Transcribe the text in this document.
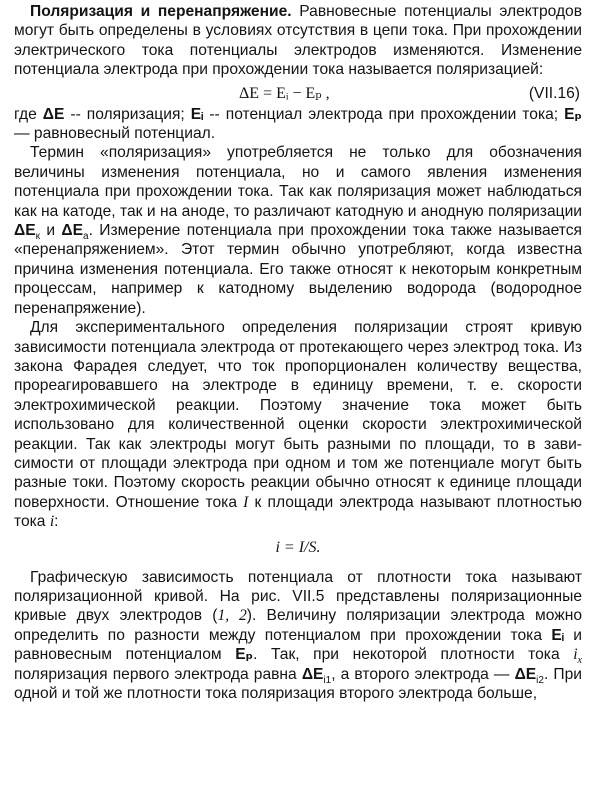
Поляризация и перенапряжение. Равновесные потенциалы электродов могут быть определены в условиях отсутствия в цепи тока. При прохождении электрического тока потенциалы электродов изменяются. Изменение потенциала электрода при прохождении тока называется поляризацией:

ΔE = Eᵢ − Eₚ ,	(VII.16)

где ΔE -- поляризация; Eᵢ -- потенциал электрода при прохождении тока; Eₚ — равновесный потенциал.

Термин «поляризация» употребляется не только для обозначения величины изменения потенциала, но и самого явления изменения потенциала при прохождении тока. Так как поляризация может наблюдаться как на катоде, так и на аноде, то различают катодную и анодную поляризации $\Delta E_к$ и $\Delta E_а$. Измерение потенциала при прохождении тока также называется «перенапряжением». Этот термин обычно употребляют, когда известна причина изменения потенциала. Его также относят к некоторым конкретным процессам, например к катодному выделению водорода (водородное перенапряжение).

Для экспериментального определения поляризации строят кривую зависимости потенциала электрода от протекающего через электрод тока. Из закона Фарадея следует, что ток пропорционален количеству вещества, прореагировавшего на электроде в единицу времени, т. е. скорости электрохимической реакции. Поэтому значение тока может быть использовано для количественной оценки скорости электрохимической реакции. Так как электроды могут быть разными по площади, то в зависимости от площади электрода при одном и том же потенциале могут быть разные токи. Поэтому скорость реакции обычно относят к единице площади поверхности. Отношение тока I к площади электрода называют плотностью тока i:

i = I/S.

Графическую зависимость потенциала от плотности тока называют поляризационной кривой. На рис. VII.5 представлены поляризационные кривые двух электродов (1, 2). Величину поляризации электрода можно определить по разности между потенциалом при прохождении тока Eᵢ и равновесным потенциалом Eₚ. Так, при некоторой плотности тока $i_x$ поляризация первого электрода равна $\Delta E_{i1}$, а второго электрода — $\Delta E_{i2}$. При одной и той же плотности тока поляризация второго электрода больше,
